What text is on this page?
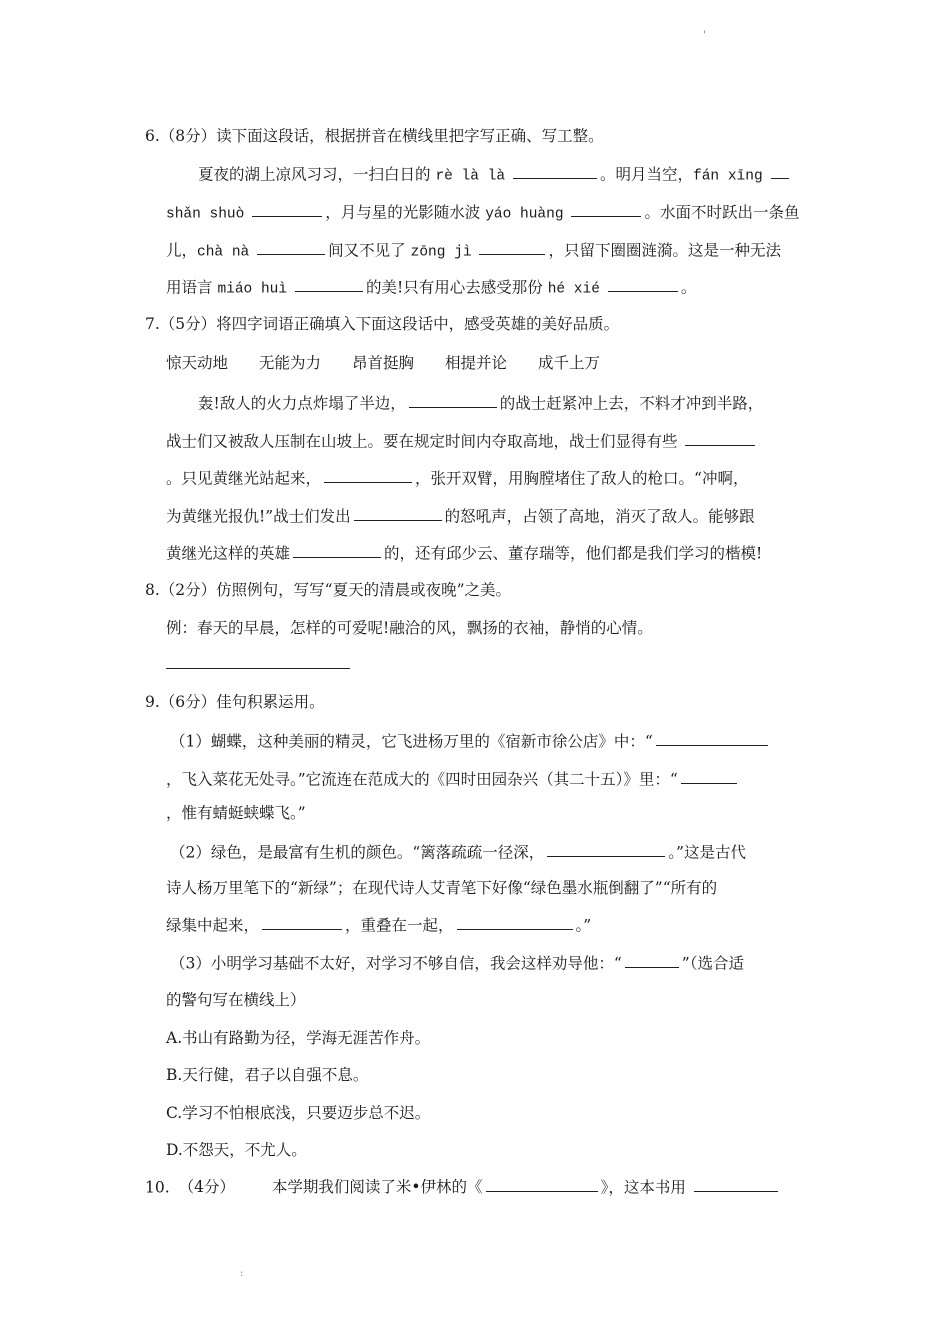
'
6.（8分）读下面这段话，根据拼音在横线里把字写正确、写工整。
夏夜的湖上凉风习习，一扫白日的 rè là là	。明月当空，fán xīng
shǎn shuò	，月与星的光影随水波 yáo huàng	。水面不时跃出一条鱼
儿，chà nà	间又不见了 zōng jì	，只留下圈圈涟漪。这是一种无法
用语言 miáo huì	的美!只有用心去感受那份 hé xié	。
7.（5分）将四字词语正确填入下面这段话中，感受英雄的美好品质。
惊天动地 无能为力 昂首挺胸 相提并论 成千上万
轰!敌人的火力点炸塌了半边，	的战士赶紧冲上去，不料才冲到半路，
战士们又被敌人压制在山坡上。要在规定时间内夺取高地，战士们显得有些
。只见黄继光站起来，	，张开双臂，用胸膛堵住了敌人的枪口。“冲啊，
为黄继光报仇!”战士们发出	的怒吼声，占领了高地，消灭了敌人。能够跟
黄继光这样的英雄	的，还有邱少云、董存瑞等，他们都是我们学习的楷模!
8.（2分）仿照例句，写写“夏天的清晨或夜晚”之美。
例：春天的早晨，怎样的可爱呢!融洽的风，飘扬的衣袖，静悄的心情。
9.（6分）佳句积累运用。
（1）蝴蝶，这种美丽的精灵，它飞进杨万里的《宿新市徐公店》中：“
，飞入菜花无处寻。”它流连在范成大的《四时田园杂兴（其二十五）》里：“
，惟有蜻蜓蛱蝶飞。”
（2）绿色，是最富有生机的颜色。“篱落疏疏一径深，	。”这是古代
诗人杨万里笔下的“新绿”；在现代诗人艾青笔下好像“绿色墨水瓶倒翻了”“所有的
绿集中起来，	，重叠在一起，	。”
（3）小明学习基础不太好，对学习不够自信，我会这样劝导他：“	”（选合适
的警句写在横线上）
A.书山有路勤为径，学海无涯苦作舟。
B.天行健，君子以自强不息。
C.学习不怕根底浅，只要迈步总不迟。
D.不怨天，不尤人。
10. （4分） 本学期我们阅读了米•伊林的《	》，这本书用
:
